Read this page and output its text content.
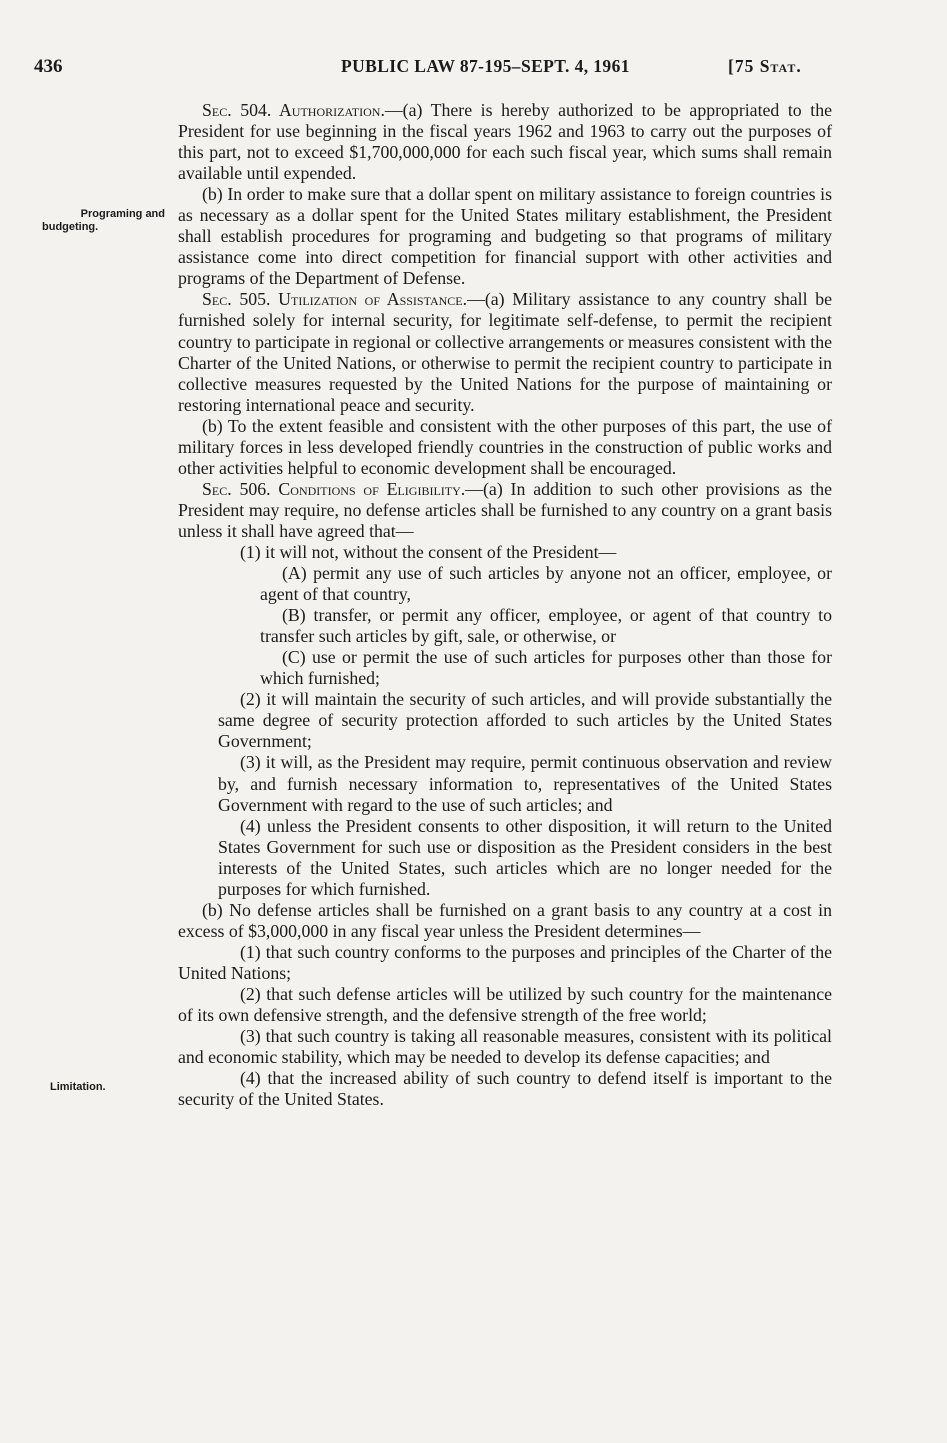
436	PUBLIC LAW 87-195–SEPT. 4, 1961	[75 Stat.
Programing and
budgeting.
Limitation.

Sec. 504. Authorization.—(a) There is hereby authorized to be appropriated to the President for use beginning in the fiscal years 1962 and 1963 to carry out the purposes of this part, not to exceed $1,700,000,000 for each such fiscal year, which sums shall remain available until expended.

(b) In order to make sure that a dollar spent on military assistance to foreign countries is as necessary as a dollar spent for the United States military establishment, the President shall establish procedures for programing and budgeting so that programs of military assistance come into direct competition for financial support with other activities and programs of the Department of Defense.

Sec. 505. Utilization of Assistance.—(a) Military assistance to any country shall be furnished solely for internal security, for legitimate self-defense, to permit the recipient country to participate in regional or collective arrangements or measures consistent with the Charter of the United Nations, or otherwise to permit the recipient country to participate in collective measures requested by the United Nations for the purpose of maintaining or restoring international peace and security.

(b) To the extent feasible and consistent with the other purposes of this part, the use of military forces in less developed friendly countries in the construction of public works and other activities helpful to economic development shall be encouraged.

Sec. 506. Conditions of Eligibility.—(a) In addition to such other provisions as the President may require, no defense articles shall be furnished to any country on a grant basis unless it shall have agreed that—

(1) it will not, without the consent of the President—

(A) permit any use of such articles by anyone not an officer, employee, or agent of that country,

(B) transfer, or permit any officer, employee, or agent of that country to transfer such articles by gift, sale, or otherwise, or

(C) use or permit the use of such articles for purposes other than those for which furnished;

(2) it will maintain the security of such articles, and will provide substantially the same degree of security protection afforded to such articles by the United States Government;

(3) it will, as the President may require, permit continuous observation and review by, and furnish necessary information to, representatives of the United States Government with regard to the use of such articles; and

(4) unless the President consents to other disposition, it will return to the United States Government for such use or disposition as the President considers in the best interests of the United States, such articles which are no longer needed for the purposes for which furnished.

(b) No defense articles shall be furnished on a grant basis to any country at a cost in excess of $3,000,000 in any fiscal year unless the President determines—

(1) that such country conforms to the purposes and principles of the Charter of the United Nations;

(2) that such defense articles will be utilized by such country for the maintenance of its own defensive strength, and the defensive strength of the free world;

(3) that such country is taking all reasonable measures, consistent with its political and economic stability, which may be needed to develop its defense capacities; and

(4) that the increased ability of such country to defend itself is important to the security of the United States.
